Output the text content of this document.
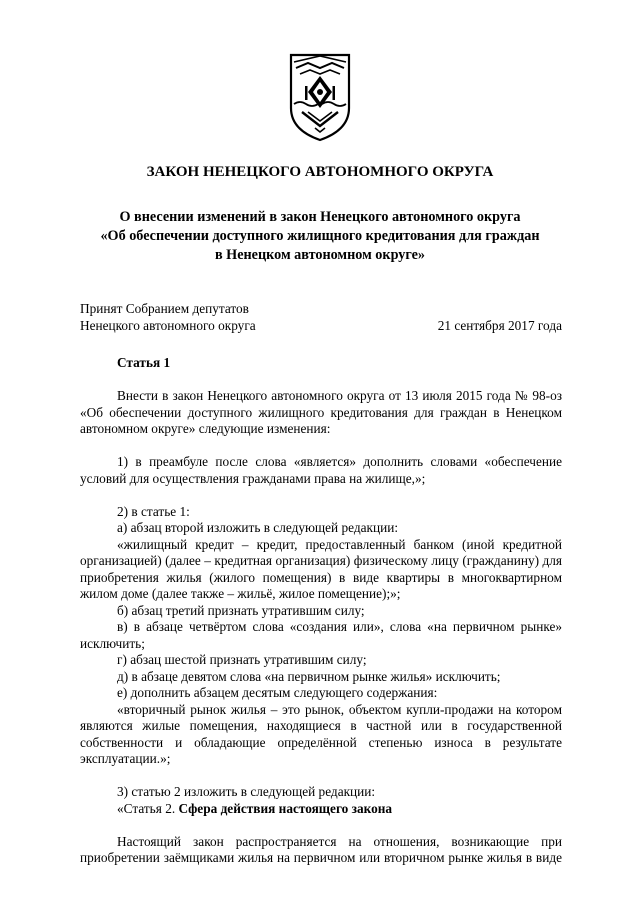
ЗАКОН НЕНЕЦКОГО АВТОНОМНОГО ОКРУГА
О внесении изменений в закон Ненецкого автономного округа
«Об обеспечении доступного жилищного кредитования для граждан
в Ненецком автономном округе»
Принят Собранием депутатов
Ненецкого автономного округа	21 сентября 2017 года

Статья 1

Внести в закон Ненецкого автономного округа от 13 июля 2015 года № 98-оз «Об обеспечении доступного жилищного кредитования для граждан в Ненецком автономном округе» следующие изменения:

1) в преамбуле после слова «является» дополнить словами «обеспечение условий для осуществления гражданами права на жилище,»;

2) в статье 1:

а) абзац второй изложить в следующей редакции:

«жилищный кредит – кредит, предоставленный банком (иной кредитной организацией) (далее – кредитная организация) физическому лицу (гражданину) для приобретения жилья (жилого помещения) в виде квартиры в многоквартирном жилом доме (далее также – жильё, жилое помещение);»;

б) абзац третий признать утратившим силу;

в) в абзаце четвёртом слова «создания или», слова «на первичном рынке» исключить;

г) абзац шестой признать утратившим силу;

д) в абзаце девятом слова «на первичном рынке жилья» исключить;

е) дополнить абзацем десятым следующего содержания:

«вторичный рынок жилья – это рынок, объектом купли-продажи на котором являются жилые помещения, находящиеся в частной или в государственной собственности и обладающие определённой степенью износа в результате эксплуатации.»;

3) статью 2 изложить в следующей редакции:

«Статья 2. Сфера действия настоящего закона

Настоящий закон распространяется на отношения, возникающие при приобретении заёмщиками жилья на первичном или вторичном рынке жилья в виде
